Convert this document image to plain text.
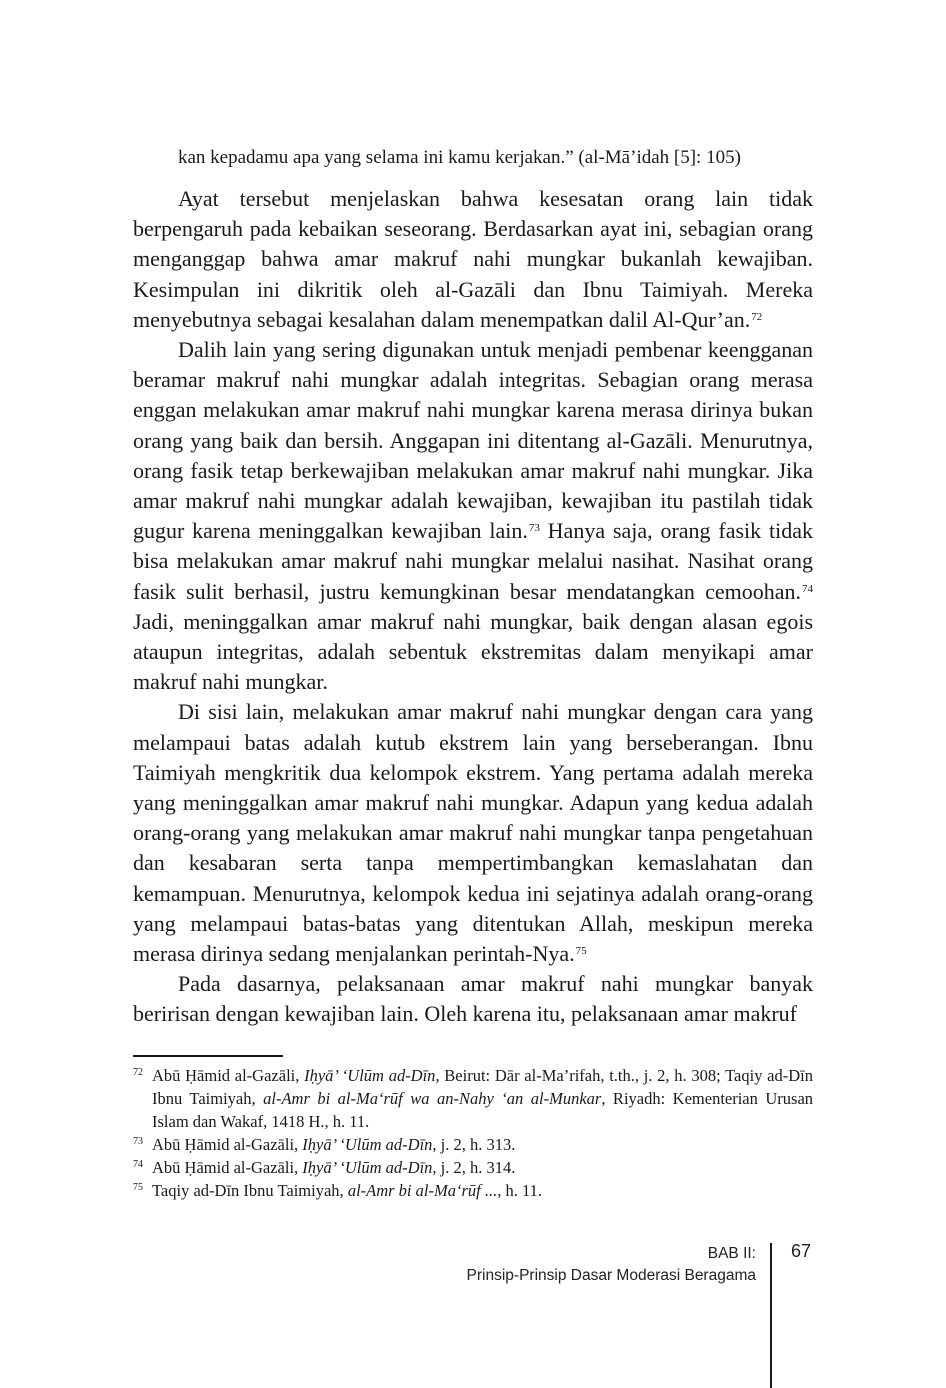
kan kepadamu apa yang selama ini kamu kerjakan.” (al-Mā’idah [5]: 105)

Ayat tersebut menjelaskan bahwa kesesatan orang lain tidak berpengaruh pada kebaikan seseorang. Berdasarkan ayat ini, sebagian orang menganggap bahwa amar makruf nahi mungkar bukanlah kewajiban. Kesimpulan ini dikritik oleh al-Gazāli dan Ibnu Taimiyah. Mereka menyebutnya sebagai kesalahan dalam menempatkan dalil Al-Qur’an.$^{72}$

Dalih lain yang sering digunakan untuk menjadi pembenar keengganan beramar makruf nahi mungkar adalah integritas. Sebagian orang merasa enggan melakukan amar makruf nahi mungkar karena merasa dirinya bukan orang yang baik dan bersih. Anggapan ini ditentang al-Gazāli. Menurutnya, orang fasik tetap berkewajiban melakukan amar makruf nahi mungkar. Jika amar makruf nahi mungkar adalah kewajiban, kewajiban itu pastilah tidak gugur karena meninggalkan kewajiban lain.$^{73}$ Hanya saja, orang fasik tidak bisa melakukan amar makruf nahi mungkar melalui nasihat. Nasihat orang fasik sulit berhasil, justru kemungkinan besar mendatangkan cemoohan.$^{74}$ Jadi, meninggalkan amar makruf nahi mungkar, baik dengan alasan egois ataupun integritas, adalah sebentuk ekstremitas dalam menyikapi amar makruf nahi mungkar.

Di sisi lain, melakukan amar makruf nahi mungkar dengan cara yang melampaui batas adalah kutub ekstrem lain yang berseberangan. Ibnu Taimiyah mengkritik dua kelompok ekstrem. Yang pertama adalah mereka yang meninggalkan amar makruf nahi mungkar. Adapun yang kedua adalah orang-orang yang melakukan amar makruf nahi mungkar tanpa pengetahuan dan kesabaran serta tanpa mempertimbangkan kemaslahatan dan kemampuan. Menurutnya, kelompok kedua ini sejatinya adalah orang-orang yang melampaui batas-batas yang ditentukan Allah, meskipun mereka merasa dirinya sedang menjalankan perintah-Nya.$^{75}$

Pada dasarnya, pelaksanaan amar makruf nahi mungkar banyak beririsan dengan kewajiban lain. Oleh karena itu, pelaksanaan amar makruf

72 Abū Ḥāmid al-Gazāli, Iḥyā’ ‘Ulūm ad-Dīn, Beirut: Dār al-Ma’rifah, t.th., j. 2, h. 308; Taqiy ad-Dīn Ibnu Taimiyah, al-Amr bi al-Ma‘rūf wa an-Nahy ‘an al-Munkar, Riyadh: Kementerian Urusan Islam dan Wakaf, 1418 H., h. 11.
73 Abū Ḥāmid al-Gazāli, Iḥyā’ ‘Ulūm ad-Dīn, j. 2, h. 313.
74 Abū Ḥāmid al-Gazāli, Iḥyā’ ‘Ulūm ad-Dīn, j. 2, h. 314.
75 Taqiy ad-Dīn Ibnu Taimiyah, al-Amr bi al-Ma‘rūf ..., h. 11.
BAB II:
Prinsip-Prinsip Dasar Moderasi Beragama
67
